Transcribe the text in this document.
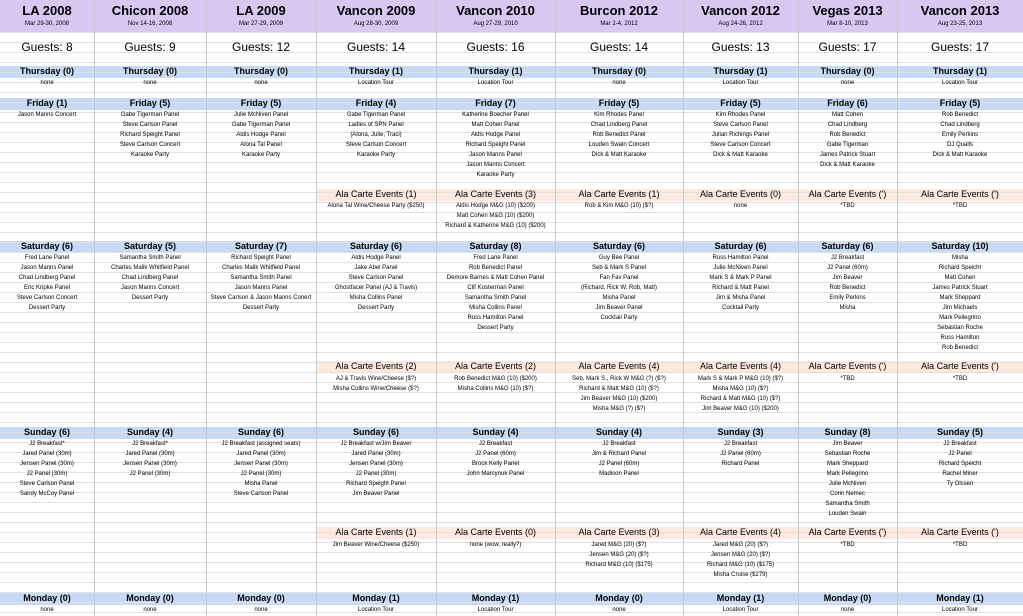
LA 2008
Mar 29-30, 2008
Guests: 8
Thursday (0)
none
Friday (1)
Jason Manns Concert
Saturday (6)
Fred Lane Panel
Jason Manns Panel
Chad Lindberg Panel
Eric Kripke Panel
Steve Carlson Concert
Dessert Party
Sunday (6)
J2 Breakfast*
Jared Panel (30m)
Jensen Panel (30m)
J2 Panel (30m)
Steve Carlson Panel
Sandy McCoy Panel
Monday (0)
none
Chicon 2008
Nov 14-16, 2008
Guests: 9
Thursday (0)
none
Friday (5)
Gabe Tigerman Panel
Steve Carlson Panel
Richard Speight Panel
Steve Carlson Concert
Karaoke Party
Saturday (5)
Samantha Smith Panel
Charles Malik Whitfield Panel
Chad Lindberg Panel
Jason Manns Concert
Dessert Party
Sunday (4)
J2 Breakfast*
Jared Panel (30m)
Jensen Panel (30m)
J2 Panel (30m)
Monday (0)
none
LA 2009
Mar 27-29, 2009
Guests: 12
Thursday (0)
none
Friday (5)
Julie McNiven Panel
Gabe Tigerman Panel
Aldis Hodge Panel
Alona Tal Panel
Karaoke Party
Saturday (7)
Richard Speight Panel
Charles Malik Whitfield Panel
Samantha Smith Panel
Jason Manns Panel
Steve Carlson & Jason Manns Conert
Dessert Party
Sunday (6)
J2 Breakfast (assigned seats)
Jared Panel (30m)
Jensen Panel (30m)
J2 Panel (30m)
Misha Panel
Steve Carlson Panel
Monday (0)
none
Vancon 2009
Aug 28-30, 2009
Guests: 14
Thursday (1)
Location Tour
Friday (4)
Gabe Tigerman Panel
Ladies of SPN Panel
(Alona, Julie, Traci)
Steve Carlson Concert
Karaoke Party
Ala Carte Events (1)
Alona Tal Wine/Cheese Party ($250)
Saturday (6)
Aldis Hodge Panel
Jake Abel Panel
Steve Carlson Panel
Ghostfacer Panel (AJ & Travis)
Misha Collins Panel
Dessert Party
Ala Carte Events (2)
AJ & Travis Wine/Cheese ($?)
Misha Collins Wine/Cheese ($?)
Sunday (6)
J2 Breakfast w/Jim Beaver
Jared Panel (30m)
Jensen Panel (30m)
J2 Panel (30m)
Richard Speight Panel
Jim Beaver Panel
Ala Carte Events (1)
Jim Beaver Wine/Cheese ($250)
Monday (1)
Location Tour
Vancon 2010
Aug 27-29, 2010
Guests: 16
Thursday (1)
Location Tour
Friday (7)
Katherine Boecher Panel
Matt Cohen Panel
Aldis Hodge Panel
Richard Speight Panel
Jason Manns Panel
Jason Manns Concert
Karaoke Party
Ala Carte Events (3)
Aldis Hodge M&G (10) ($200)
Matt Cohen M&G (10) ($200)
Richard & Katherine M&G (10) ($200)
Saturday (8)
Fred Lane Panel
Rob Benedict Panel
Demore Barnes & Matt Cohen Panel
Clif Kosterman Panel
Samantha Smith Panel
Misha Collins Panel
Russ Hamilton Panel
Dessert Party
Ala Carte Events (2)
Rob Benedict M&G (10) ($200)
Misha Collins M&G (10) ($?)
Sunday (4)
J2 Breakfast
J2 Panel (60m)
Brock Kelly Panel
John Marcynuk Panel
Ala Carte Events (0)
none (wow, really?)
Monday (1)
Location Tour
Burcon 2012
Mar 2-4, 2012
Guests: 14
Thursday (0)
none
Friday (5)
Kim Rhodes Panel
Chad Lindberg Panel
Rob Benedict Panel
Louden Swain Concert
Dick & Matt Karaoke
Ala Carte Events (1)
Rob & Kim M&G (10) ($?)
Saturday (6)
Guy Bee Panel
Seb & Mark S Panel
Fan Fav Panel
(Richard, Rick W, Rob, Matt)
Misha Panel
Jim Beaver Panel
Cocktail Party
Ala Carte Events (4)
Seb, Mark S., Rick W M&G (?) ($?)
Richard & Matt M&G (10) ($?)
Jim Beaver M&G (10) ($200)
Misha M&G (?) ($?)
Sunday (4)
J2 Breakfast
Jim & Richard Panel
J2 Panel (60m)
Madison Panel
Ala Carte Events (3)
Jared M&G (20) ($?)
Jensen M&G (20) ($?)
Richard M&G (10) ($175)
Monday (0)
none
Vancon 2012
Aug 24-26, 2012
Guests: 13
Thursday (1)
Location Tour
Friday (5)
Kim Rhodes Panel
Steve Carlson Panel
Julian Richings Panel
Steve Carlson Concert
Dick & Matt Karaoke
Ala Carte Events (0)
none
Saturday (6)
Russ Hamilton Panel
Julie McNiven Panel
Mark S & Mark P Panel
Richard & Matt Panel
Jim & Misha Panel
Cocktail Party
Ala Carte Events (4)
Mark S & Mark P M&G (10) ($?)
Misha M&G (10) ($?)
Richard & Matt M&G (10) ($?)
Jim Beaver M&G (10) ($200)
Sunday (3)
J2 Breakfast
J2 Panel (60m)
Richard Panel
Ala Carte Events (4)
Jared M&G (20) ($?)
Jensen M&G (20) ($?)
Richard M&G (10) ($175)
Misha Cruise ($279)
Monday (1)
Location Tour
Vegas 2013
Mar 8-10, 2013
Guests: 17
Thursday (0)
none
Friday (6)
Matt Cohen
Chad Lindberg
Rob Benedict
Gabe Tigerman
James Patrick Stuart
Dick & Matt Karaoke
Ala Carte Events (')
*TBD
Saturday (6)
J2 Breakfast
J2 Panel (60m)
Jim Beaver
Rob Benedict
Emily Perkins
Misha
Ala Carte Events (')
*TBD
Sunday (8)
Jim Beaver
Sebastian Roche
Mark Sheppard
Mark Pellegrino
Julie McNiven
Corin Nemec
Samantha Smith
Louden Swain
Ala Carte Events (')
*TBD
Monday (0)
none
Vancon 2013
Aug 23-25, 2013
Guests: 17
Thursday (1)
Location Tour
Friday (5)
Rob Benedict
Chad Lindberg
Emily Perkins
DJ Qualls
Dick & Matt Karaoke
Ala Carte Events (')
*TBD
Saturday (10)
Misha
Richard Speicht
Matt Cohen
James Patrick Stuart
Mark Sheppard
Jim Michaels
Mark Pellegrino
Sebastian Roche
Russ Hamilton
Rob Benedict
Ala Carte Events (')
*TBD
Sunday (5)
J2 Breakfast
J2 Panel
Richard Speicht
Rachel Miner
Ty Olssen
Ala Carte Events (')
*TBD
Monday (1)
Location Tour
